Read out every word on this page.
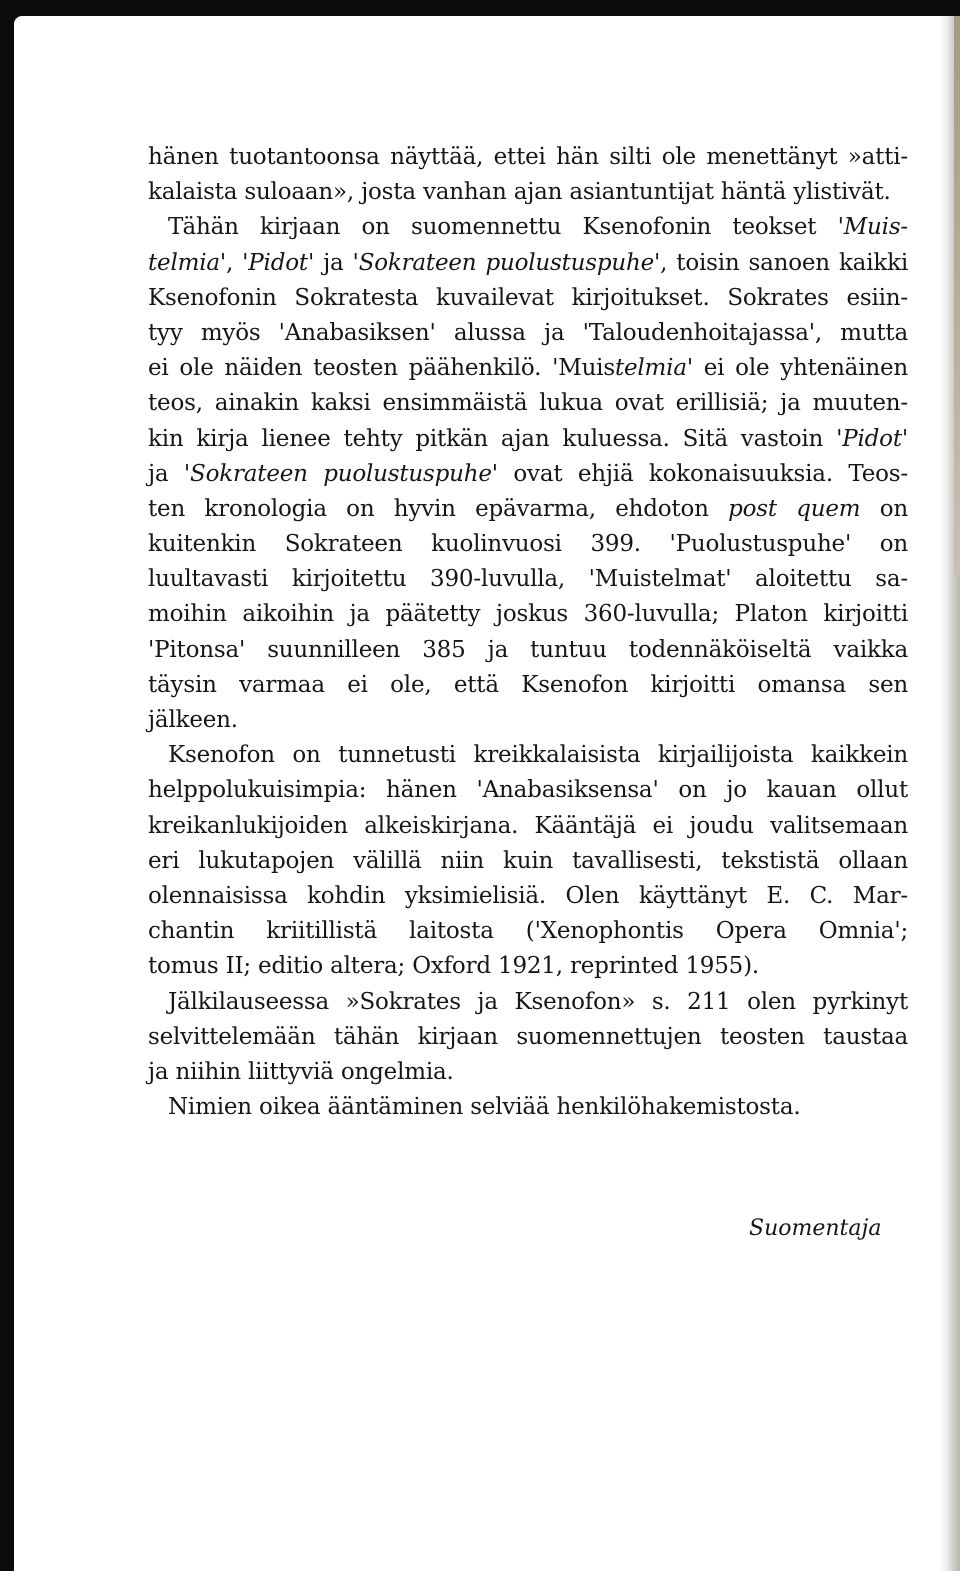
hänen tuotantoonsa näyttää, ettei hän silti ole menettänyt »atti-
kalaista suloaan», josta vanhan ajan asiantuntijat häntä ylistivät.
Tähän kirjaan on suomennettu Ksenofonin teokset 'Muis-
telmia', 'Pidot' ja 'Sokrateen puolustuspuhe', toisin sanoen kaikki
Ksenofonin Sokratesta kuvailevat kirjoitukset. Sokrates esiin-
tyy myös 'Anabasiksen' alussa ja 'Taloudenhoitajassa', mutta
ei ole näiden teosten päähenkilö. 'Muistelmia' ei ole yhtenäinen
teos, ainakin kaksi ensimmäistä lukua ovat erillisiä; ja muuten-
kin kirja lienee tehty pitkän ajan kuluessa. Sitä vastoin 'Pidot'
ja 'Sokrateen puolustuspuhe' ovat ehjiä kokonaisuuksia. Teos-
ten kronologia on hyvin epävarma, ehdoton post quem on
kuitenkin Sokrateen kuolinvuosi 399. 'Puolustuspuhe' on
luultavasti kirjoitettu 390-luvulla, 'Muistelmat' aloitettu sa-
moihin aikoihin ja päätetty joskus 360-luvulla; Platon kirjoitti
'Pitonsa' suunnilleen 385 ja tuntuu todennäköiseltä vaikka
täysin varmaa ei ole, että Ksenofon kirjoitti omansa sen
jälkeen.
Ksenofon on tunnetusti kreikkalaisista kirjailijoista kaikkein
helppolukuisimpia: hänen 'Anabasiksensa' on jo kauan ollut
kreikanlukijoiden alkeiskirjana. Kääntäjä ei joudu valitsemaan
eri lukutapojen välillä niin kuin tavallisesti, tekstistä ollaan
olennaisissa kohdin yksimielisiä. Olen käyttänyt E. C. Mar-
chantin kriitillistä laitosta ('Xenophontis Opera Omnia';
tomus II; editio altera; Oxford 1921, reprinted 1955).
Jälkilauseessa »Sokrates ja Ksenofon» s. 211 olen pyrkinyt
selvittelemään tähän kirjaan suomennettujen teosten taustaa
ja niihin liittyviä ongelmia.
Nimien oikea ääntäminen selviää henkilöhakemistosta.
Suomentaja
